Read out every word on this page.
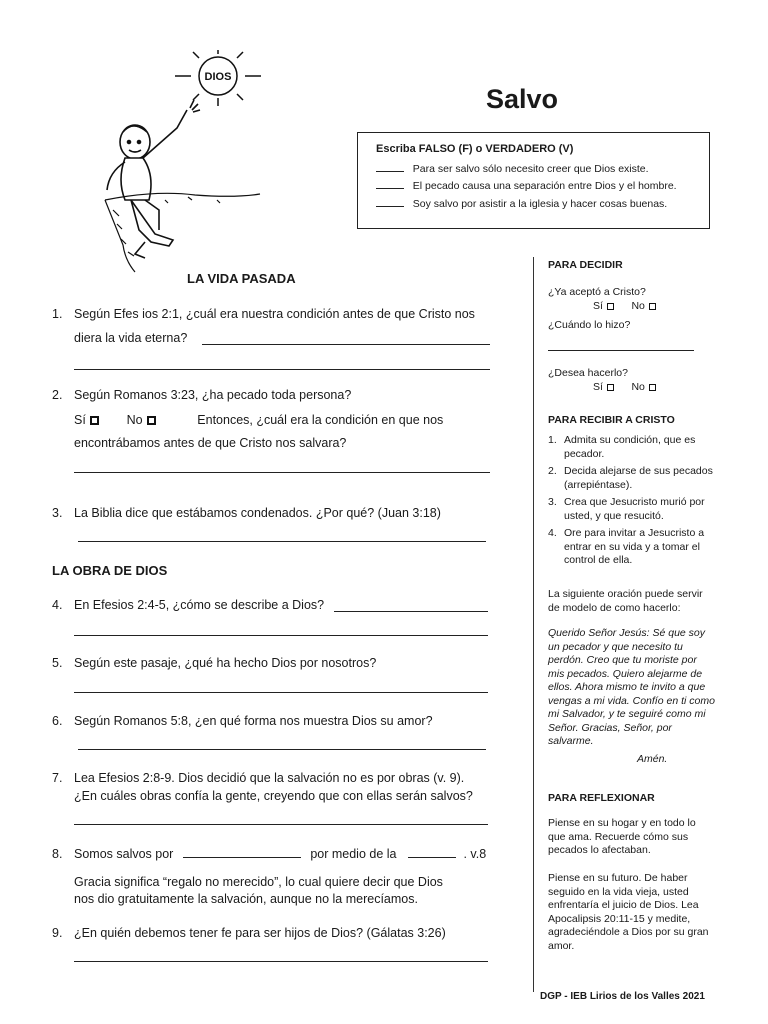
DIOS
Salvo
Escriba FALSO (F) o VERDADERO (V)
Para ser salvo sólo necesito creer que Dios existe.
El pecado causa una separación entre Dios y el hombre.
Soy salvo por asistir a la iglesia y hacer cosas buenas.
LA VIDA PASADA
1. Según Efes ios 2:1, ¿cuál era nuestra condición antes de que Cristo nos
diera la vida eterna?
2. Según Romanos 3:23, ¿ha pecado toda persona?
Sí	No	Entonces, ¿cuál era la condición en que nos
encontrábamos antes de que Cristo nos salvara?
3. La Biblia dice que estábamos condenados. ¿Por qué? (Juan 3:18)
LA OBRA DE DIOS
4. En Efesios 2:4-5, ¿cómo se describe a Dios?
5. Según este pasaje, ¿qué ha hecho Dios por nosotros?
6. Según Romanos 5:8, ¿en qué forma nos muestra Dios su amor?
7. Lea Efesios 2:8-9. Dios decidió que la salvación no es por obras (v. 9).
¿En cuáles obras confía la gente, creyendo que con ellas serán salvos?
8. Somos salvos por	por medio de la	. v.8
Gracia significa “regalo no merecido”, lo cual quiere decir que Dios
nos dio gratuitamente la salvación, aunque no la merecíamos.
9. ¿En quién debemos tener fe para ser hijos de Dios? (Gálatas 3:26)
PARA DECIDIR
¿Ya aceptó a Cristo?
Sí	No
¿Cuándo lo hizo?
¿Desea hacerlo?
Sí	No
PARA RECIBIR A CRISTO
1. Admita su condición, que es pecador.
2. Decida alejarse de sus pecados (arrepiéntase).
3. Crea que Jesucristo murió por usted, y que resucitó.
4. Ore para invitar a Jesucristo a entrar en su vida y a tomar el control de ella.
La siguiente oración puede servir de modelo de como hacerlo:
Querido Señor Jesús: Sé que soy un pecador y que necesito tu perdón. Creo que tu moriste por mis pecados. Quiero alejarme de ellos. Ahora mismo te invito a que vengas a mi vida. Confío en ti como mi Salvador, y te seguiré como mi Señor. Gracias, Señor, por salvarme.
Amén.
PARA REFLEXIONAR
Piense en su hogar y en todo lo que ama. Recuerde cómo sus pecados lo afectaban.
Piense en su futuro. De haber seguido en la vida vieja, usted enfrentaría el juicio de Dios. Lea Apocalipsis 20:11-15 y medite, agradeciéndole a Dios por su gran amor.
DGP - IEB Lirios de los Valles 2021
